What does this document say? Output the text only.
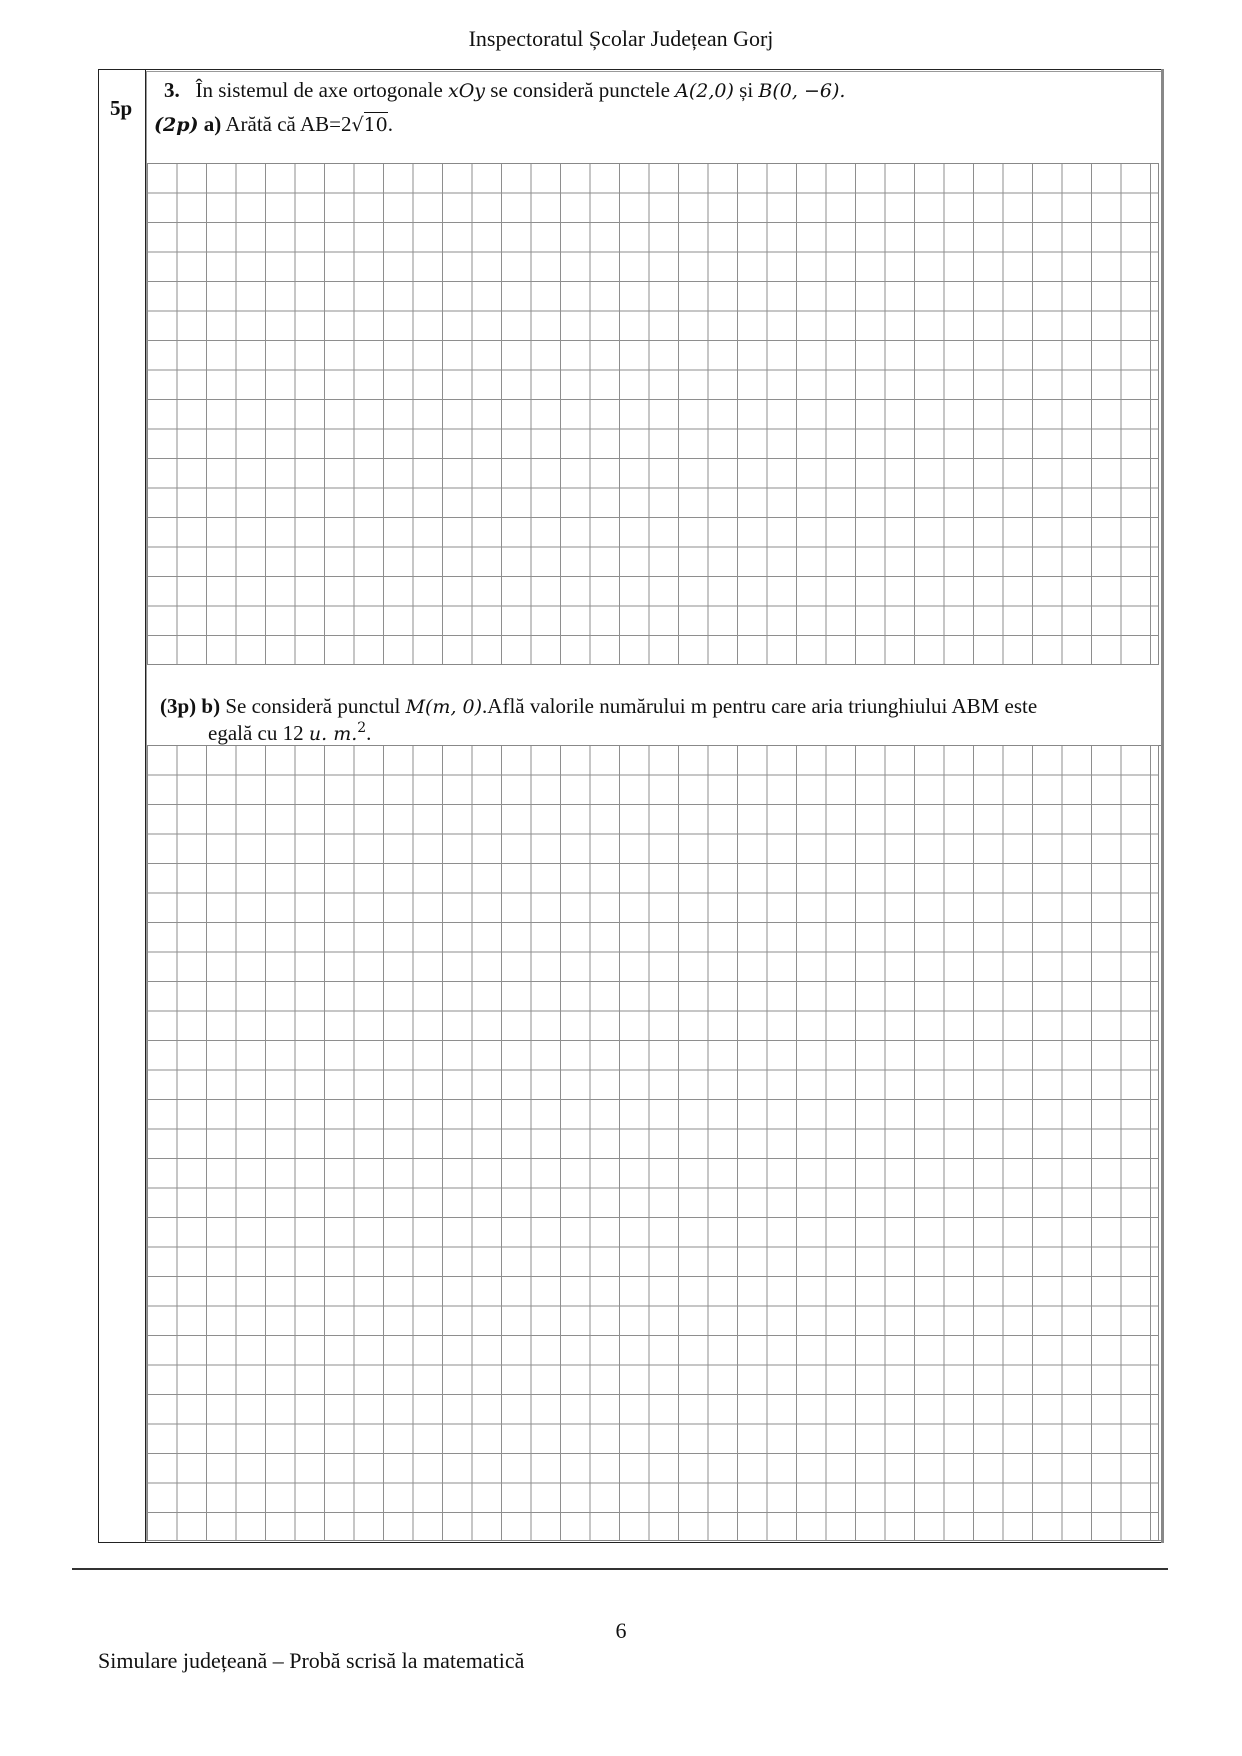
Inspectoratul Școlar Județean Gorj
5p
3. În sistemul de axe ortogonale xOy se consideră punctele A(2,0) și B(0, −6).
(2p) a) Arătă că AB=2√10.
(3p) b) Se consideră punctul M(m, 0).Află valorile numărului m pentru care aria triunghiului ABM este
egală cu 12 u. m.$^2$.
6
Simulare județeană – Probă scrisă la matematică
